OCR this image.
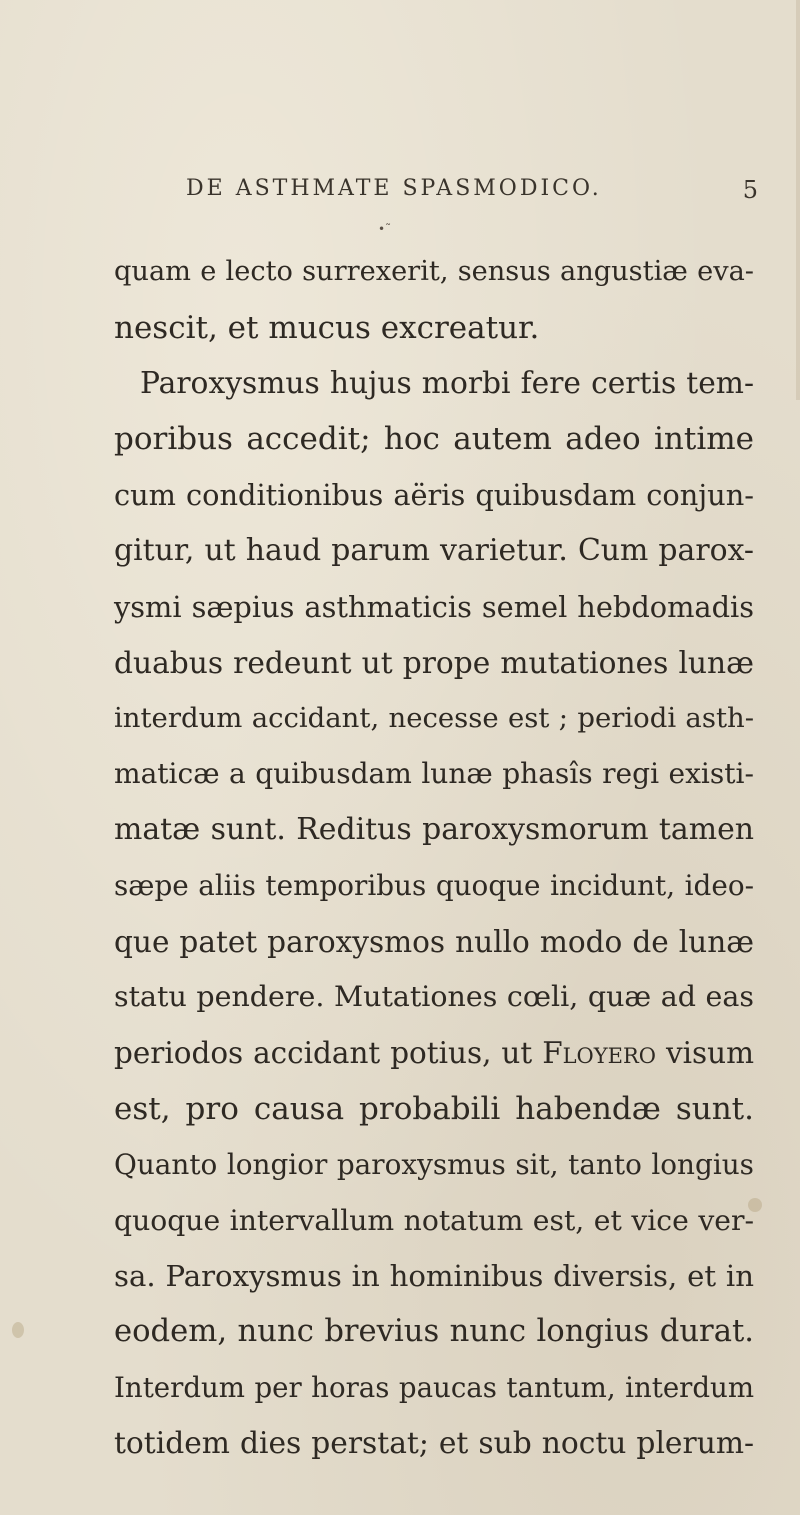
DE ASTHMATE SPASMODICO.	5
•˜
quam e lecto surrexerit, sensus angustiæ eva-
nescit, et mucus excreatur.
Paroxysmus hujus morbi fere certis tem-
poribus accedit; hoc autem adeo intime
cum conditionibus aëris quibusdam conjun-
gitur, ut haud parum varietur. Cum parox-
ysmi sæpius asthmaticis semel hebdomadis
duabus redeunt ut prope mutationes lunæ
interdum accidant, necesse est ; periodi asth-
maticæ a quibusdam lunæ phasîs regi existi-
matæ sunt. Reditus paroxysmorum tamen
sæpe aliis temporibus quoque incidunt, ideo-
que patet paroxysmos nullo modo de lunæ
statu pendere. Mutationes cœli, quæ ad eas
periodos accidant potius, ut Floyero visum
est, pro causa probabili habendæ sunt.
Quanto longior paroxysmus sit, tanto longius
quoque intervallum notatum est, et vice ver-
sa. Paroxysmus in hominibus diversis, et in
eodem, nunc brevius nunc longius durat.
Interdum per horas paucas tantum, interdum
totidem dies perstat; et sub noctu plerum-
